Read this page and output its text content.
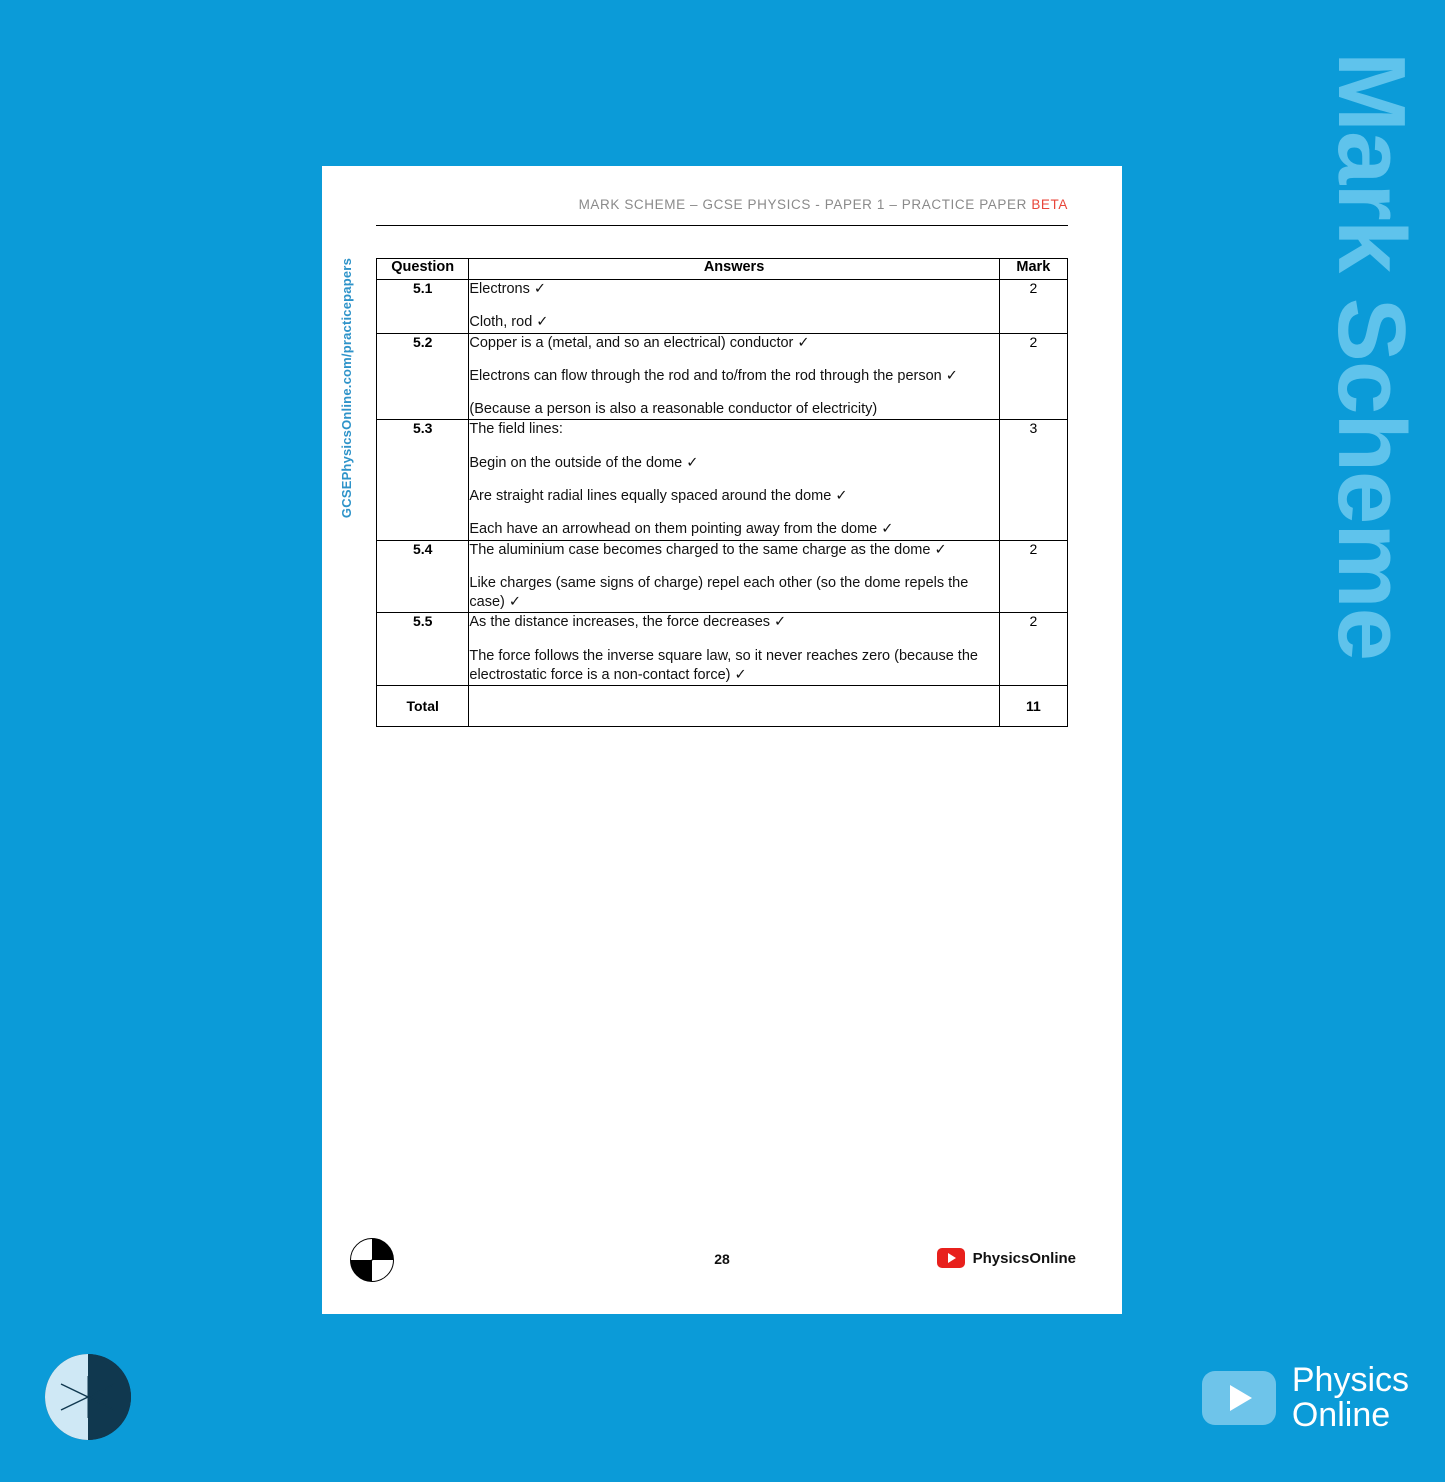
Mark Scheme
MARK SCHEME – GCSE PHYSICS - PAPER 1 – PRACTICE PAPER BETA
GCSEPhysicsOnline.com/practicepapers	Question	Answers	Mark
5.1	Electrons ✓

Cloth, rod ✓	2
5.2	Copper is a (metal, and so an electrical) conductor ✓

Electrons can flow through the rod and to/from the rod through the person ✓

(Because a person is also a reasonable conductor of electricity)	2
5.3	The field lines:

Begin on the outside of the dome ✓

Are straight radial lines equally spaced around the dome ✓

Each have an arrowhead on them pointing away from the dome ✓	3
5.4	The aluminium case becomes charged to the same charge as the dome ✓

Like charges (same signs of charge) repel each other (so the dome repels the case) ✓	2
5.5	As the distance increases, the force decreases ✓

The force follows the inverse square law, so it never reaches zero (because the electrostatic force is a non-contact force) ✓	2
Total		11
28	PhysicsOnline
Physics
Online
